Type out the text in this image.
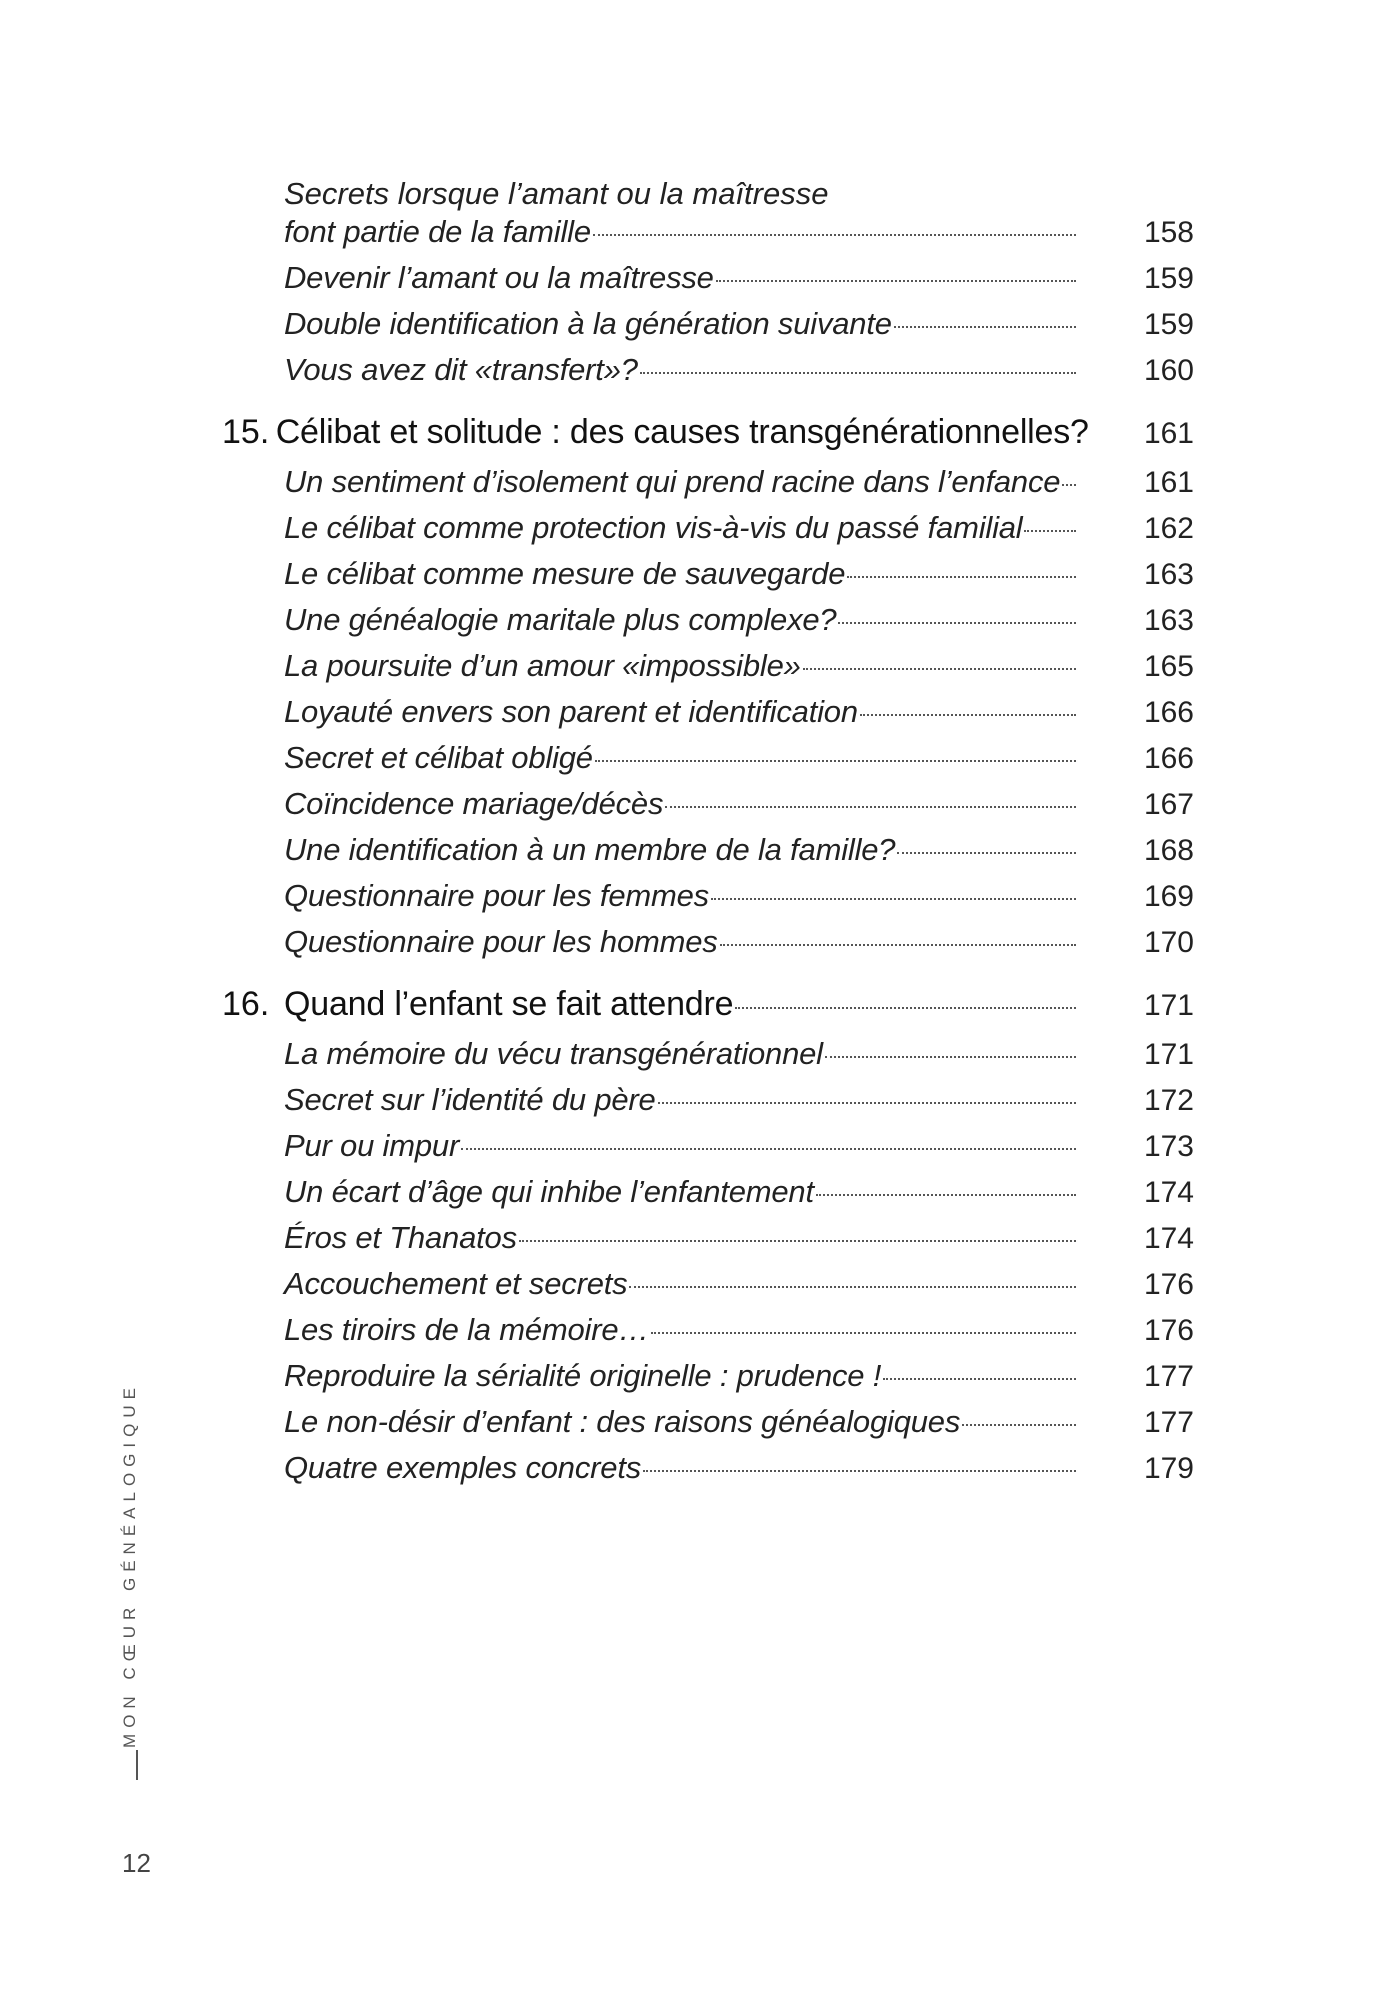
Secrets lorsque l’amant ou la maîtresse
font partie de la famille	158
Devenir l’amant ou la maîtresse	159
Double identification à la génération suivante	159
Vous avez dit «transfert»?	160
15. Célibat et solitude : des causes transgénérationnelles?	161
Un sentiment d’isolement qui prend racine dans l’enfance	161
Le célibat comme protection vis-à-vis du passé familial	162
Le célibat comme mesure de sauvegarde	163
Une généalogie maritale plus complexe?	163
La poursuite d’un amour «impossible»	165
Loyauté envers son parent et identification	166
Secret et célibat obligé	166
Coïncidence mariage/décès	167
Une identification à un membre de la famille?	168
Questionnaire pour les femmes	169
Questionnaire pour les hommes	170
16. Quand l’enfant se fait attendre	171
La mémoire du vécu transgénérationnel	171
Secret sur l’identité du père	172
Pur ou impur	173
Un écart d’âge qui inhibe l’enfantement	174
Éros et Thanatos	174
Accouchement et secrets	176
Les tiroirs de la mémoire…	176
Reproduire la sérialité originelle : prudence !	177
Le non-désir d’enfant : des raisons généalogiques	177
Quatre exemples concrets	179
MON CŒUR GÉNÉALOGIQUE
12
